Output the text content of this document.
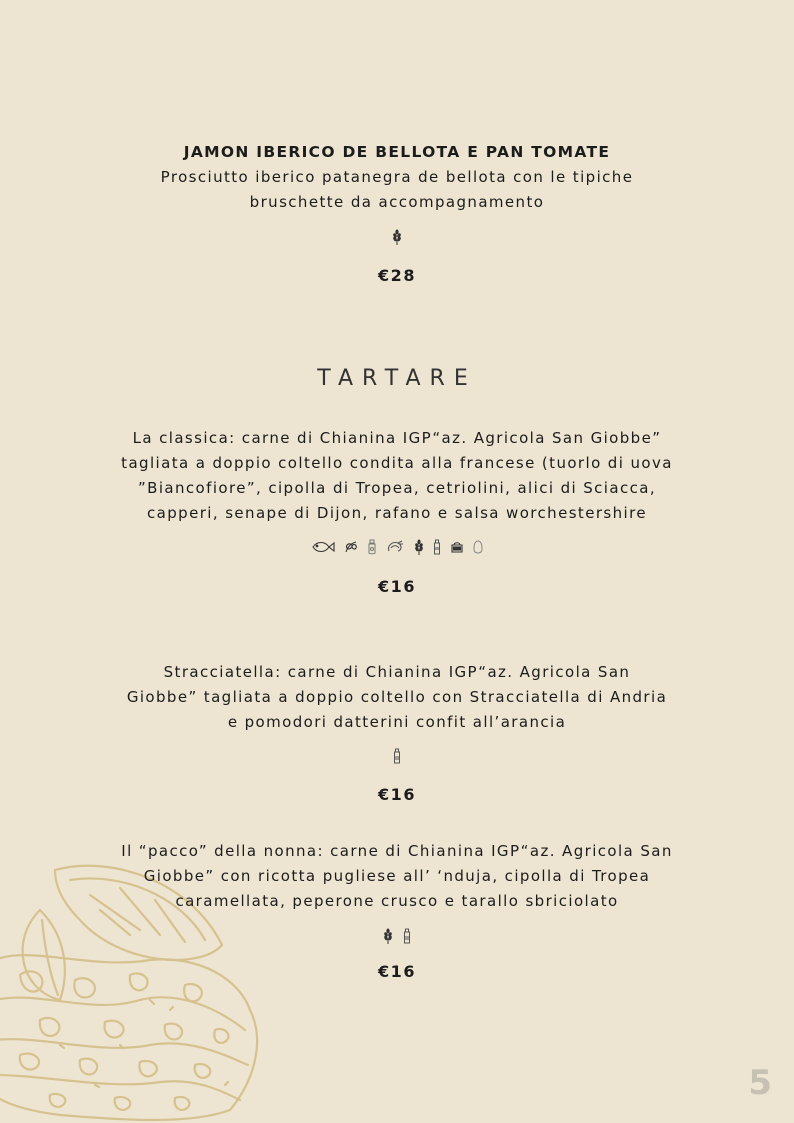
JAMON IBERICO DE BELLOTA E PAN TOMATE
Prosciutto iberico patanegra de bellota con le tipiche
bruschette da accompagnamento
€28
TARTARE
La classica: carne di Chianina IGP“az. Agricola San Giobbe”
tagliata a doppio coltello condita alla francese (tuorlo di uova
”Biancofiore”, cipolla di Tropea, cetriolini, alici di Sciacca,
capperi, senape di Dijon, rafano e salsa worchestershire

€16
Stracciatella: carne di Chianina IGP“az. Agricola San
Giobbe” tagliata a doppio coltello con Stracciatella di Andria
e pomodori datterini confit all’arancia
€16
Il “pacco” della nonna: carne di Chianina IGP“az. Agricola San
Giobbe” con ricotta pugliese all’ ‘nduja, cipolla di Tropea
caramellata, peperone crusco e tarallo sbriciolato

€16
5
